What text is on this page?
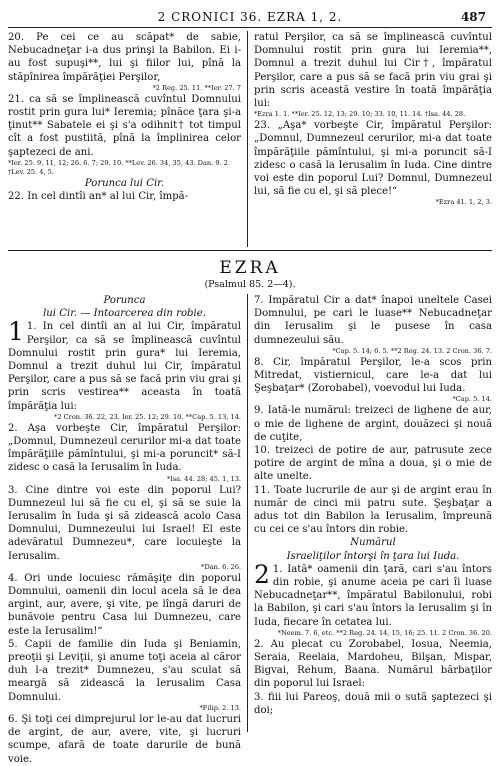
2 CRONICI 36. EZRA 1, 2.	487

20. Pe cei ce au scăpat* de sabie, Nebucadneţar i-a dus prinşi la Babilon. Ei i-au fost supuşi**, lui şi fiilor lui, pînă la stăpînirea împărăţiei Perşilor,

*2 Reg. 25. 11. **Ier. 27. 7

21. ca să se împlinească cuvîntul Domnului rostit prin gura lui* Ieremia; pînăce ţara şi-a ţinut** Sabatele ei şi s'a odihnit† tot timpul cît a fost pustiită, pînă la împlinirea celor şaptezeci de ani.

*Ier. 25. 9, 11, 12; 26. 6. 7; 29. 10. **Lev. 26. 34, 35, 43. Dan. 9. 2. †Lev. 25. 4, 5.

Porunca lui Cir.

22. In cel dintîi an* al lui Cir, împă-

ratul Perşilor, ca să se împlinească cuvîntul Domnului rostit prin gura lui Ieremia**, Domnul a trezit duhul lui Cir†, împăratul Perşilor, care a pus să se facă prin viu grai şi prin scris această vestire în toată împărăţia lui:

*Ezra 1. 1. **Ier. 25. 12, 13; 29. 10; 33. 10, 11. 14. †Isa. 44. 28.

23. „Aşa* vorbeşte Cir, împăratul Perşilor: „Domnul, Dumnezeul cerurilor, mi-a dat toate împărăţiile pămîntului, şi mi-a poruncit să-I zidesc o casă la Ierusalim în Iuda. Cine dintre voi este din poporul Lui? Domnul, Dumnezeul lui, să fie cu el, şi să plece!“

*Ezra 41. 1, 2, 3.

EZRA
(Psalmul 85. 2—4).

Porunca

lui Cir. — Intoarcerea din robie.

1 1. In cel dintîi an al lui Cir, împăratul Perşilor, ca să se împlinească cuvîntul Domnului rostit prin gura* lui Ieremia, Domnul a trezit duhul lui Cir, împăratul Perşilor, care a pus să se facă prin viu grai şi prin scris vestirea** aceasta în toată împărăţia lui:

*2 Cron. 36. 22, 23. Ier. 25. 12; 29. 10. **Cap. 5. 13, 14.

2. Aşa vorbeşte Cir, împăratul Perşilor: „Domnul, Dumnezeul cerurilor mi-a dat toate împărăţiile pămîntului, şi mi-a poruncit* să-I zidesc o casă la Ierusalim în Iuda.

*Isa. 44. 28; 45. 1, 13.

3. Cine dintre voi este din poporul Lui? Dumnezeul lui să fie cu el, şi să se suie la Ierusalim în Iuda şi să zidească acolo Casa Domnului, Dumnezeului lui Israel! El este adevăratul Dumnezeu*, care locuieşte la Ierusalim.

*Dan. 6. 26.

4. Ori unde locuiesc rămăşiţe din poporul Domnului, oamenii din locul acela să le dea argint, aur, avere, şi vite, pe lîngă daruri de bunăvoie pentru Casa lui Dumnezeu, care este la Ierusalim!“

5. Capii de familie din Iuda şi Beniamin, preoţii şi Leviţii, şi anume toţi aceia al căror duh l-a trezit* Dumnezeu, s'au sculat să meargă să zidească la Ierusalim Casa Domnului.

*Filip. 2. 13.

6. Şi toţi cei dimprejurul lor le-au dat lucruri de argint, de aur, avere, vite, şi lucruri scumpe, afară de toate darurile de bună voie.

7. Impăratul Cir a dat* înapoi uneltele Casei Domnului, pe cari le luase** Nebucadneţar din Ierusalim şi le pusese în casa dumnezeului său.

*Cap. 5. 14; 6. 5. **2 Reg. 24. 13. 2 Cron. 36. 7.

8. Cir, împăratul Perşilor, le-a scos prin Mitredat, vistiernicul, care le-a dat lui Şeşbaţar* (Zorobabel), voevodul lui Iuda.

*Cap. 5. 14.

9. Iată-le numărul: treizeci de lighene de aur, o mie de lighene de argint, douăzeci şi nouă de cuţite,

10. treizeci de potire de aur, patrusute zece potire de argint de mîna a doua, şi o mie de alte unelte.

11. Toate lucrurile de aur şi de argint erau în număr de cinci mii patru sute. Şeşbaţar a adus tot din Babilon la Ierusalim, împreună cu cei ce s'au întors din robie.

Numărul

Israeliţilor întorşi în ţara lui Iuda.

2 1. Iată* oamenii din ţară, cari s'au întors din robie, şi anume aceia pe cari îi luase Nebucadneţar**, împăratul Babilonului, robi la Babilon, şi cari s'au întors la Ierusalim şi în Iuda, fiecare în cetatea lui.

*Neem. 7. 6, etc. **2 Reg. 24. 14, 15, 16; 25. 11. 2 Cron. 36. 20.

2. Au plecat cu Zorobabel, Iosua, Neemia, Seraia, Reelaia, Mardoheu, Bilşan, Mispar, Bigvai, Rehum, Baana. Numărul bărbaţilor din poporul lui Israel:

3. fiii lui Pareoş, două mii o sută şaptezeci şi doi;
